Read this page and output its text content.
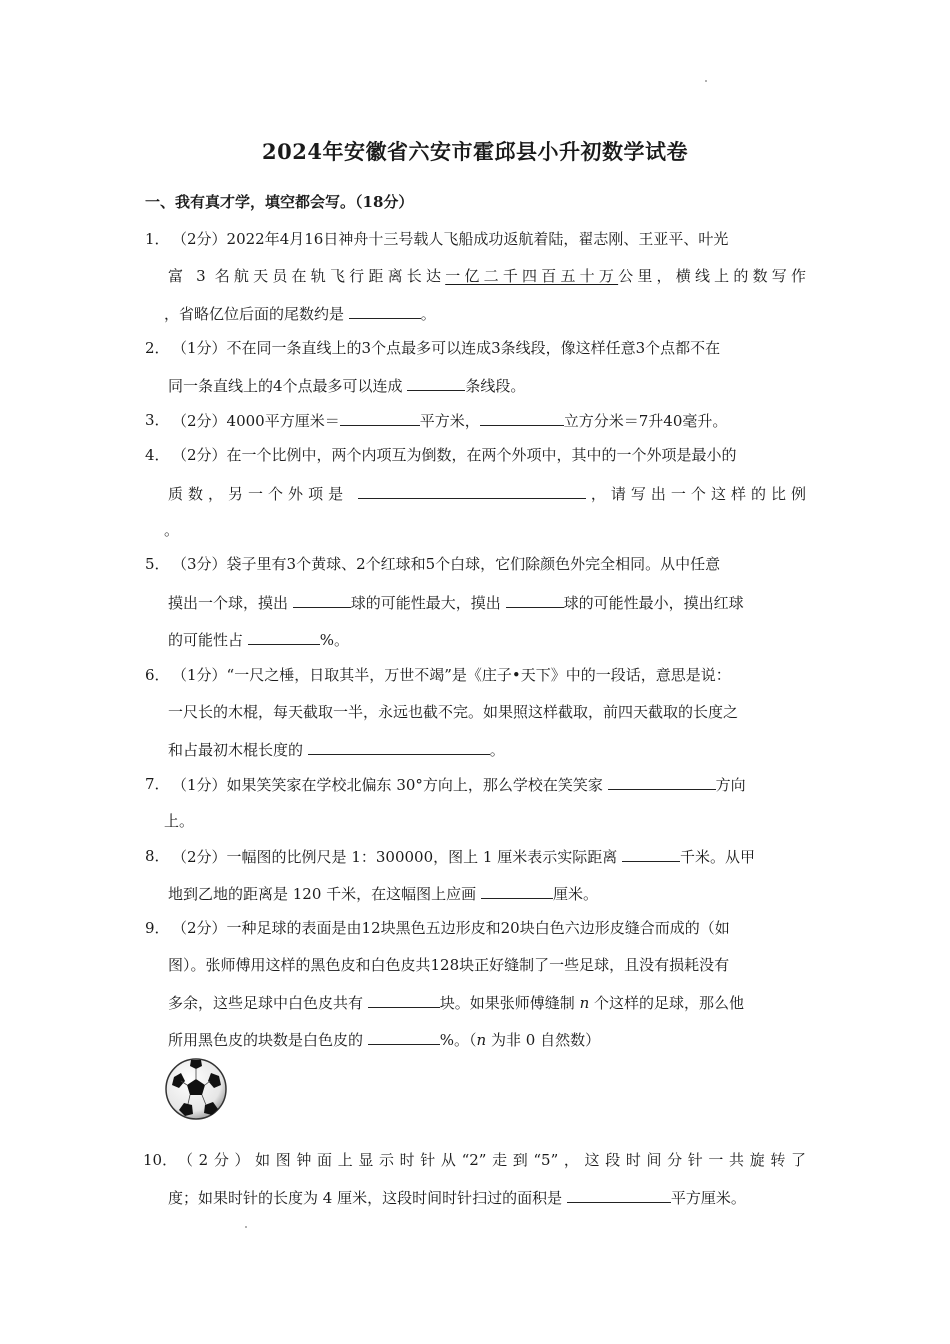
2024年安徽省六安市霍邱县小升初数学试卷
一、我有真才学，填空都会写。（18分）
1． （2分）2022年4月16日神舟十三号载人飞船成功返航着陆，翟志刚、王亚平、叶光
富 3 名航天员在轨飞行距离长达一亿二千四百五十万公里，横线上的数写作
，省略亿位后面的尾数约是	。
2． （1分）不在同一条直线上的3个点最多可以连成3条线段，像这样任意3个点都不在
同一条直线上的4个点最多可以连成	条线段。
3． （2分）4000平方厘米＝	平方米，	立方分米＝7升40毫升。
4． （2分）在一个比例中，两个内项互为倒数，在两个外项中，其中的一个外项是最小的
质数，另一个外项是	，请写出一个这样的比例
。
5． （3分）袋子里有3个黄球、2个红球和5个白球，它们除颜色外完全相同。从中任意
摸出一个球，摸出	球的可能性最大，摸出	球的可能性最小，摸出红球
的可能性占	%。
6． （1分）“一尺之棰，日取其半，万世不竭”是《庄子•天下》中的一段话，意思是说：
一尺长的木棍，每天截取一半，永远也截不完。如果照这样截取，前四天截取的长度之
和占最初木棍长度的	。
7． （1分）如果笑笑家在学校北偏东 30°方向上，那么学校在笑笑家	方向
上。
8． （2分）一幅图的比例尺是 1：300000，图上 1 厘米表示实际距离	千米。从甲
地到乙地的距离是 120 千米，在这幅图上应画	厘米。
9． （2分）一种足球的表面是由12块黑色五边形皮和20块白色六边形皮缝合而成的（如
图）。张师傅用这样的黑色皮和白色皮共128块正好缝制了一些足球，且没有损耗没有
多余，这些足球中白色皮共有	块。如果张师傅缝制 n 个这样的足球，那么他
所用黑色皮的块数是白色皮的	%。（n 为非 0 自然数）
10． （2分）如图钟面上显示时针从“2”走到“5”，这段时间分针一共旋转了
度；如果时针的长度为 4 厘米，这段时间时针扫过的面积是	平方厘米。
